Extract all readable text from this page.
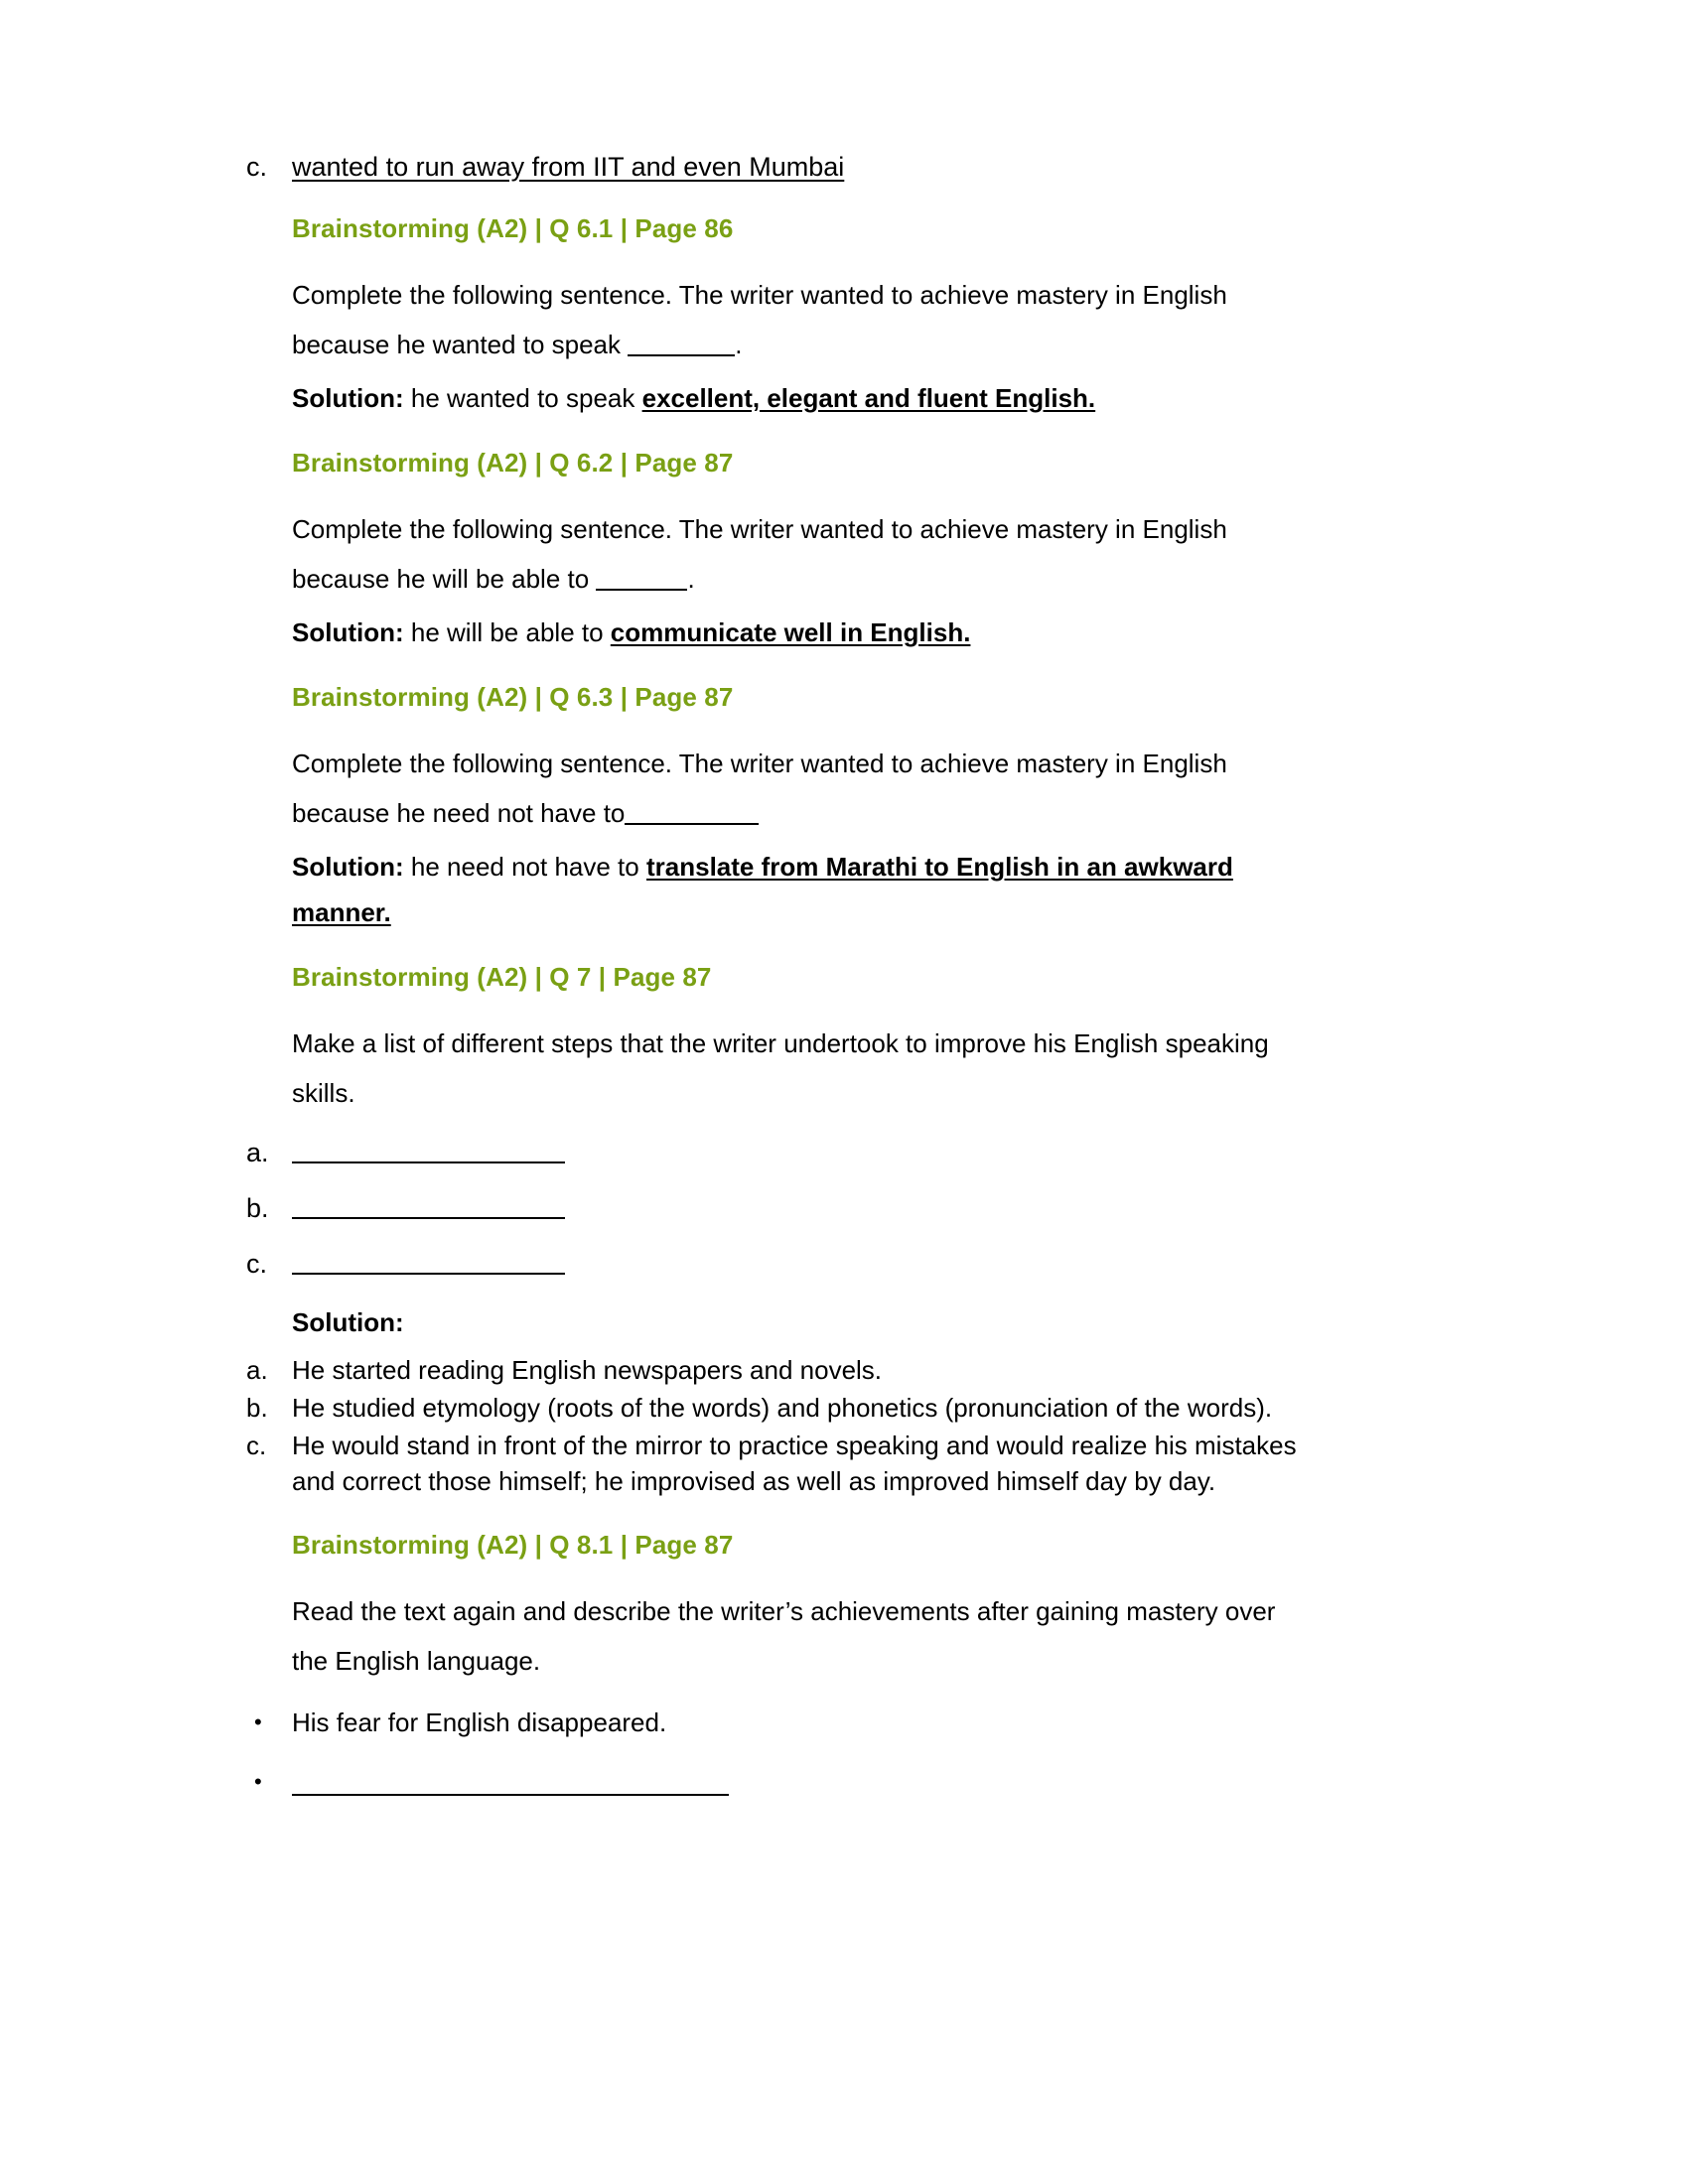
c. wanted to run away from IIT and even Mumbai
Brainstorming (A2) | Q 6.1 | Page 86
Complete the following sentence. The writer wanted to achieve mastery in English
because he wanted to speak	.
Solution: he wanted to speak excellent, elegant and fluent English.
Brainstorming (A2) | Q 6.2 | Page 87
Complete the following sentence. The writer wanted to achieve mastery in English
because he will be able to	.
Solution: he will be able to communicate well in English.
Brainstorming (A2) | Q 6.3 | Page 87
Complete the following sentence. The writer wanted to achieve mastery in English
because he need not have to
Solution: he need not have to translate from Marathi to English in an awkward manner.
Brainstorming (A2) | Q 7 | Page 87
Make a list of different steps that the writer undertook to improve his English speaking skills.
a.
b.
c.
Solution:
a. He started reading English newspapers and novels.
b. He studied etymology (roots of the words) and phonetics (pronunciation of the words).
c. He would stand in front of the mirror to practice speaking and would realize his mistakes and correct those himself; he improvised as well as improved himself day by day.
Brainstorming (A2) | Q 8.1 | Page 87
Read the text again and describe the writer’s achievements after gaining mastery over
the English language.
•	His fear for English disappeared.
•
